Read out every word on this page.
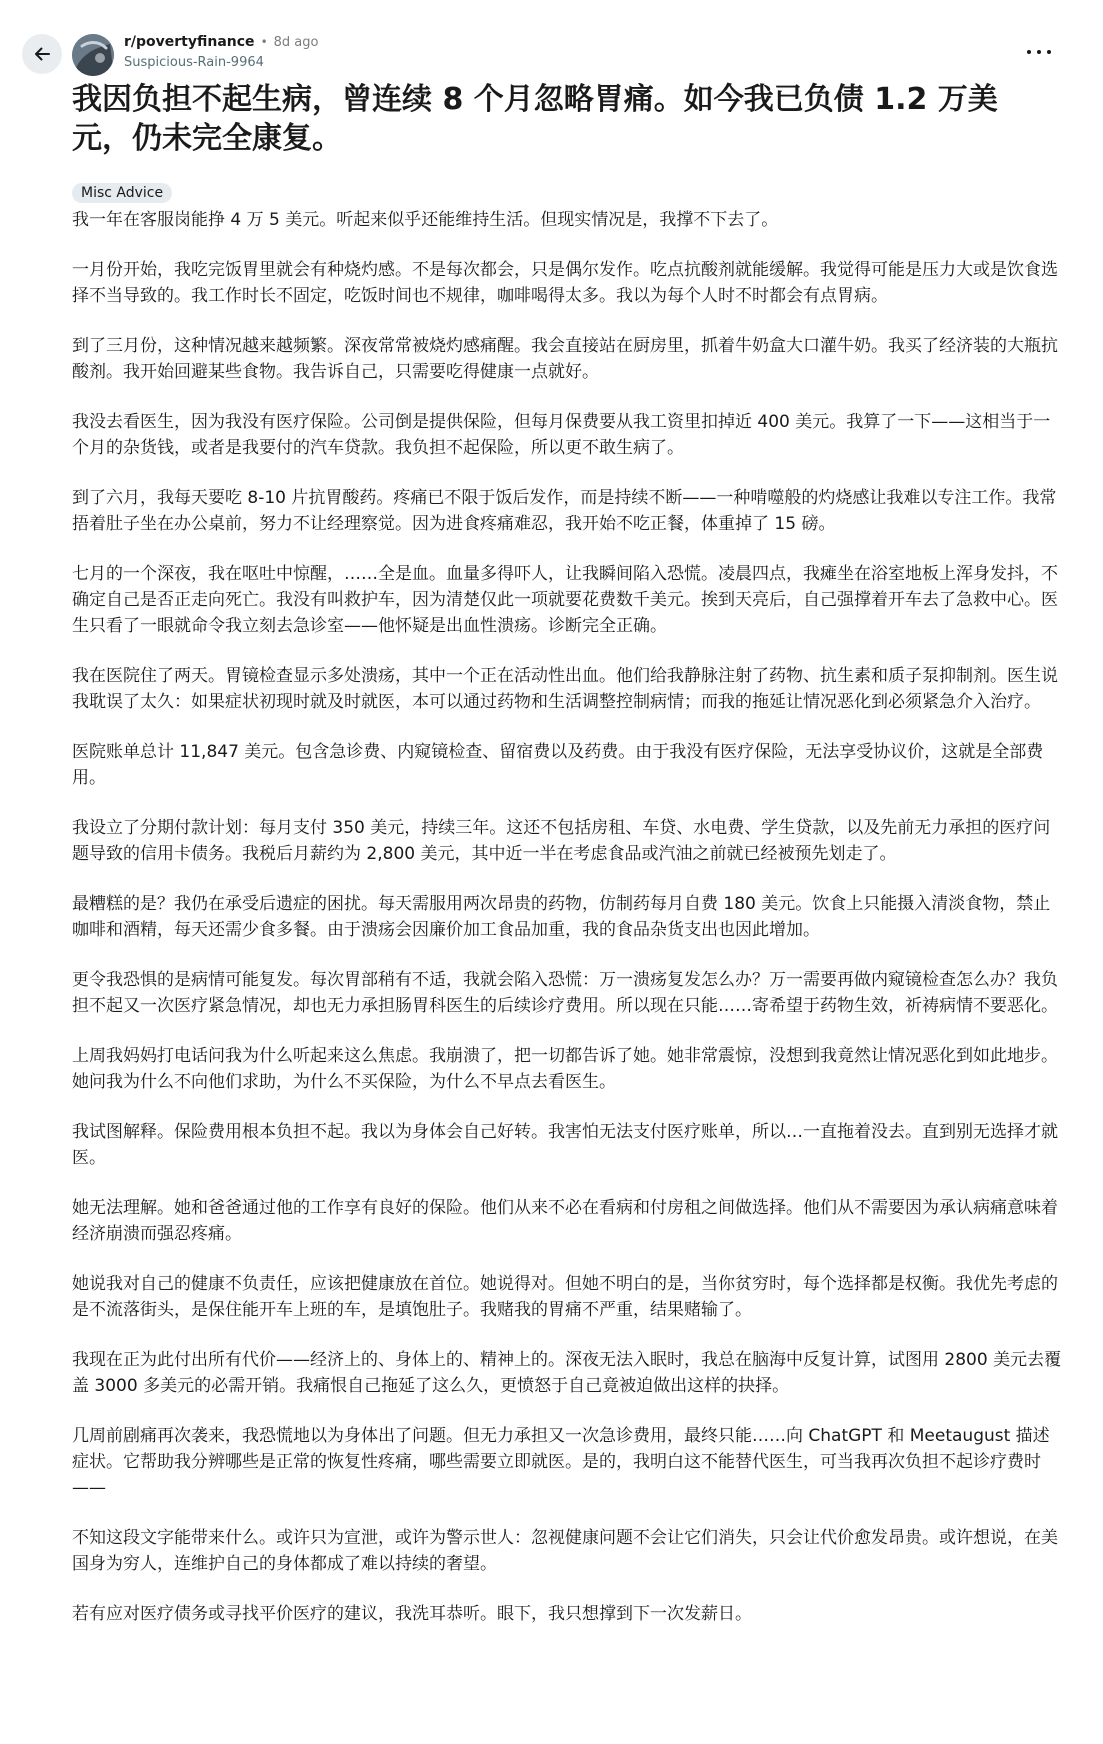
r/povertyfinance • 8d ago
Suspicious-Rain-9964
我因负担不起生病，曾连续 8 个月忽略胃痛。如今我已负债 1.2 万美元，仍未完全康复。
Misc Advice

我一年在客服岗能挣 4 万 5 美元。听起来似乎还能维持生活。但现实情况是，我撑不下去了。

一月份开始，我吃完饭胃里就会有种烧灼感。不是每次都会，只是偶尔发作。吃点抗酸剂就能缓解。我觉得可能是压力大或是饮食选择不当导致的。我工作时长不固定，吃饭时间也不规律，咖啡喝得太多。我以为每个人时不时都会有点胃病。

到了三月份，这种情况越来越频繁。深夜常常被烧灼感痛醒。我会直接站在厨房里，抓着牛奶盒大口灌牛奶。我买了经济装的大瓶抗酸剂。我开始回避某些食物。我告诉自己，只需要吃得健康一点就好。

我没去看医生，因为我没有医疗保险。公司倒是提供保险，但每月保费要从我工资里扣掉近 400 美元。我算了一下——这相当于一个月的杂货钱，或者是我要付的汽车贷款。我负担不起保险，所以更不敢生病了。

到了六月，我每天要吃 8-10 片抗胃酸药。疼痛已不限于饭后发作，而是持续不断——一种啃噬般的灼烧感让我难以专注工作。我常捂着肚子坐在办公桌前，努力不让经理察觉。因为进食疼痛难忍，我开始不吃正餐，体重掉了 15 磅。

七月的一个深夜，我在呕吐中惊醒，……全是血。血量多得吓人，让我瞬间陷入恐慌。凌晨四点，我瘫坐在浴室地板上浑身发抖，不确定自己是否正走向死亡。我没有叫救护车，因为清楚仅此一项就要花费数千美元。挨到天亮后，自己强撑着开车去了急救中心。医生只看了一眼就命令我立刻去急诊室——他怀疑是出血性溃疡。诊断完全正确。

我在医院住了两天。胃镜检查显示多处溃疡，其中一个正在活动性出血。他们给我静脉注射了药物、抗生素和质子泵抑制剂。医生说我耽误了太久：如果症状初现时就及时就医，本可以通过药物和生活调整控制病情；而我的拖延让情况恶化到必须紧急介入治疗。

医院账单总计 11,847 美元。包含急诊费、内窥镜检查、留宿费以及药费。由于我没有医疗保险，无法享受协议价，这就是全部费用。

我设立了分期付款计划：每月支付 350 美元，持续三年。这还不包括房租、车贷、水电费、学生贷款，以及先前无力承担的医疗问题导致的信用卡债务。我税后月薪约为 2,800 美元，其中近一半在考虑食品或汽油之前就已经被预先划走了。

最糟糕的是？我仍在承受后遗症的困扰。每天需服用两次昂贵的药物，仿制药每月自费 180 美元。饮食上只能摄入清淡食物，禁止咖啡和酒精，每天还需少食多餐。由于溃疡会因廉价加工食品加重，我的食品杂货支出也因此增加。

更令我恐惧的是病情可能复发。每次胃部稍有不适，我就会陷入恐慌：万一溃疡复发怎么办？万一需要再做内窥镜检查怎么办？我负担不起又一次医疗紧急情况，却也无力承担肠胃科医生的后续诊疗费用。所以现在只能……寄希望于药物生效，祈祷病情不要恶化。

上周我妈妈打电话问我为什么听起来这么焦虑。我崩溃了，把一切都告诉了她。她非常震惊，没想到我竟然让情况恶化到如此地步。她问我为什么不向他们求助，为什么不买保险，为什么不早点去看医生。

我试图解释。保险费用根本负担不起。我以为身体会自己好转。我害怕无法支付医疗账单，所以…一直拖着没去。直到别无选择才就医。

她无法理解。她和爸爸通过他的工作享有良好的保险。他们从来不必在看病和付房租之间做选择。他们从不需要因为承认病痛意味着经济崩溃而强忍疼痛。

她说我对自己的健康不负责任，应该把健康放在首位。她说得对。但她不明白的是，当你贫穷时，每个选择都是权衡。我优先考虑的是不流落街头，是保住能开车上班的车，是填饱肚子。我赌我的胃痛不严重，结果赌输了。

我现在正为此付出所有代价——经济上的、身体上的、精神上的。深夜无法入眠时，我总在脑海中反复计算，试图用 2800 美元去覆盖 3000 多美元的必需开销。我痛恨自己拖延了这么久，更愤怒于自己竟被迫做出这样的抉择。

几周前剧痛再次袭来，我恐慌地以为身体出了问题。但无力承担又一次急诊费用，最终只能……向 ChatGPT 和 Meetaugust 描述症状。它帮助我分辨哪些是正常的恢复性疼痛，哪些需要立即就医。是的，我明白这不能替代医生，可当我再次负担不起诊疗费时——

不知这段文字能带来什么。或许只为宣泄，或许为警示世人：忽视健康问题不会让它们消失，只会让代价愈发昂贵。或许想说，在美国身为穷人，连维护自己的身体都成了难以持续的奢望。

若有应对医疗债务或寻找平价医疗的建议，我洗耳恭听。眼下，我只想撑到下一次发薪日。
